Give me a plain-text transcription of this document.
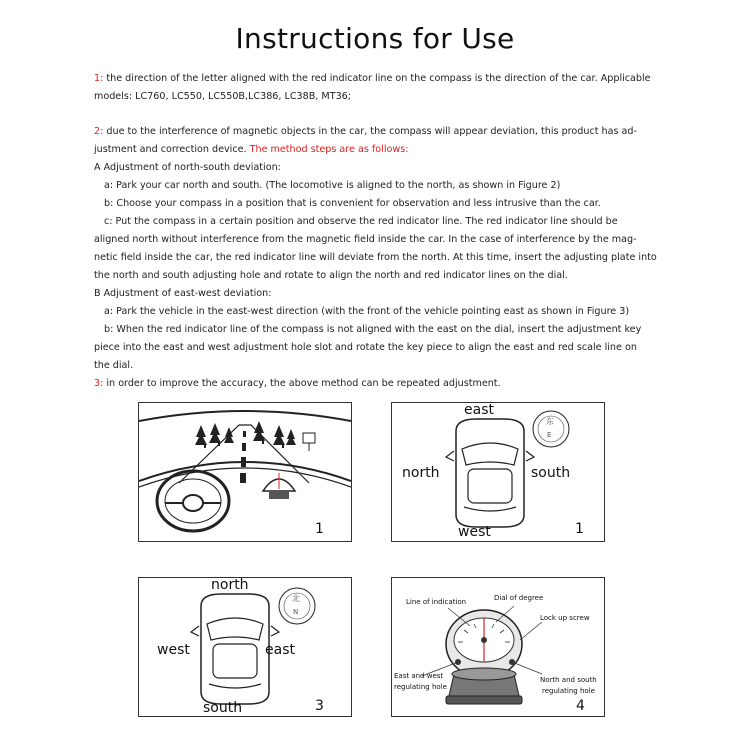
Instructions for Use
1: the direction of the letter aligned with the red indicator line on the compass is the direction of the car. Applicable
models: LC760, LC550, LC550B,LC386, LC38B, MT36;
2: due to the interference of magnetic objects in the car, the compass will appear deviation, this product has ad-
justment and correction device. The method steps are as follows:
A Adjustment of north-south deviation:
a: Park your car north and south. (The locomotive is aligned to the north, as shown in Figure 2)
b: Choose your compass in a position that is convenient for observation and less intrusive than the car.
c: Put the compass in a certain position and observe the red indicator line. The red indicator line should be
aligned north without interference from the magnetic field inside the car. In the case of interference by the mag-
netic field inside the car, the red indicator line will deviate from the north. At this time, insert the adjusting plate into
the north and south adjusting hole and rotate to align the north and red indicator lines on the dial.
B Adjustment of east-west deviation:
a: Park the vehicle in the east-west direction (with the front of the vehicle pointing east as shown in Figure 3)
b: When the red indicator line of the compass is not aligned with the east on the dial, insert the adjustment key
piece into the east and west adjustment hole slot and rotate the key piece to align the east and red scale line on
the dial.
3: in order to improve the accuracy, the above method can be repeated adjustment.
1
east
north	south
west
东
E
1
north
west	east
south
北
N
3
Line of indication	Dial of degree
Lock up screw
East and west
regulating hole
North and south
regulating hole
4
